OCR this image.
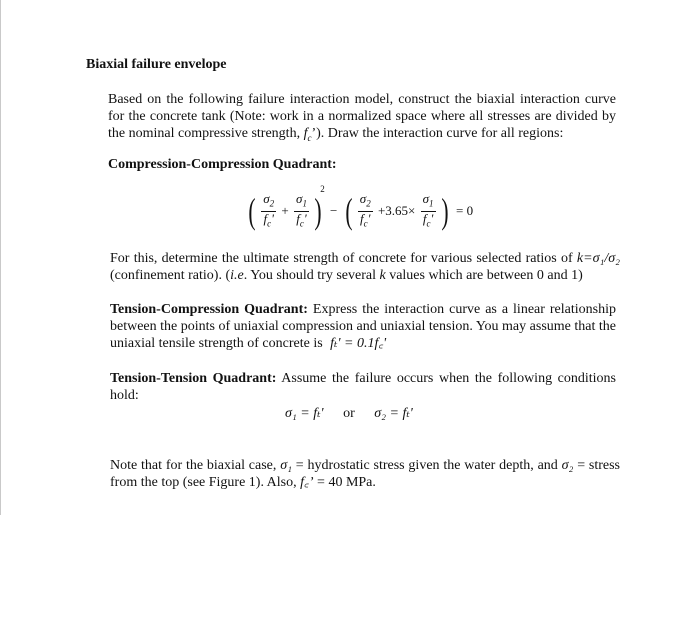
Biaxial failure envelope
Based on the following failure interaction model, construct the biaxial interaction curve for the concrete tank (Note: work in a normalized space where all stresses are divided by the nominal compressive strength, $f_c$’). Draw the interaction curve for all regions:
Compression-Compression Quadrant:
( $\frac{\sigma_2}{f_c'} + \frac{\sigma_1}{f_c'} )^2$ − ( $\frac{\sigma_2}{f_c'} +3.65\times \frac{\sigma_1}{f_c'}$ ) = 0
For this, determine the ultimate strength of concrete for various selected ratios of k=σ₁/σ₂ (confinement ratio). (i.e. You should try several k values which are between 0 and 1)
Tension-Compression Quadrant: Express the interaction curve as a linear relationship between the points of uniaxial compression and uniaxial tension. You may assume that the uniaxial tensile strength of concrete is fₜ' = 0.1f꜀'
Tension-Tension Quadrant: Assume the failure occurs when the following conditions hold:
σ₁ = fₜ' or σ₂ = fₜ'
Note that for the biaxial case, σ₁ = hydrostatic stress given the water depth, and σ₂ = stress from the top (see Figure 1). Also, f꜀’ = 40 MPa.
